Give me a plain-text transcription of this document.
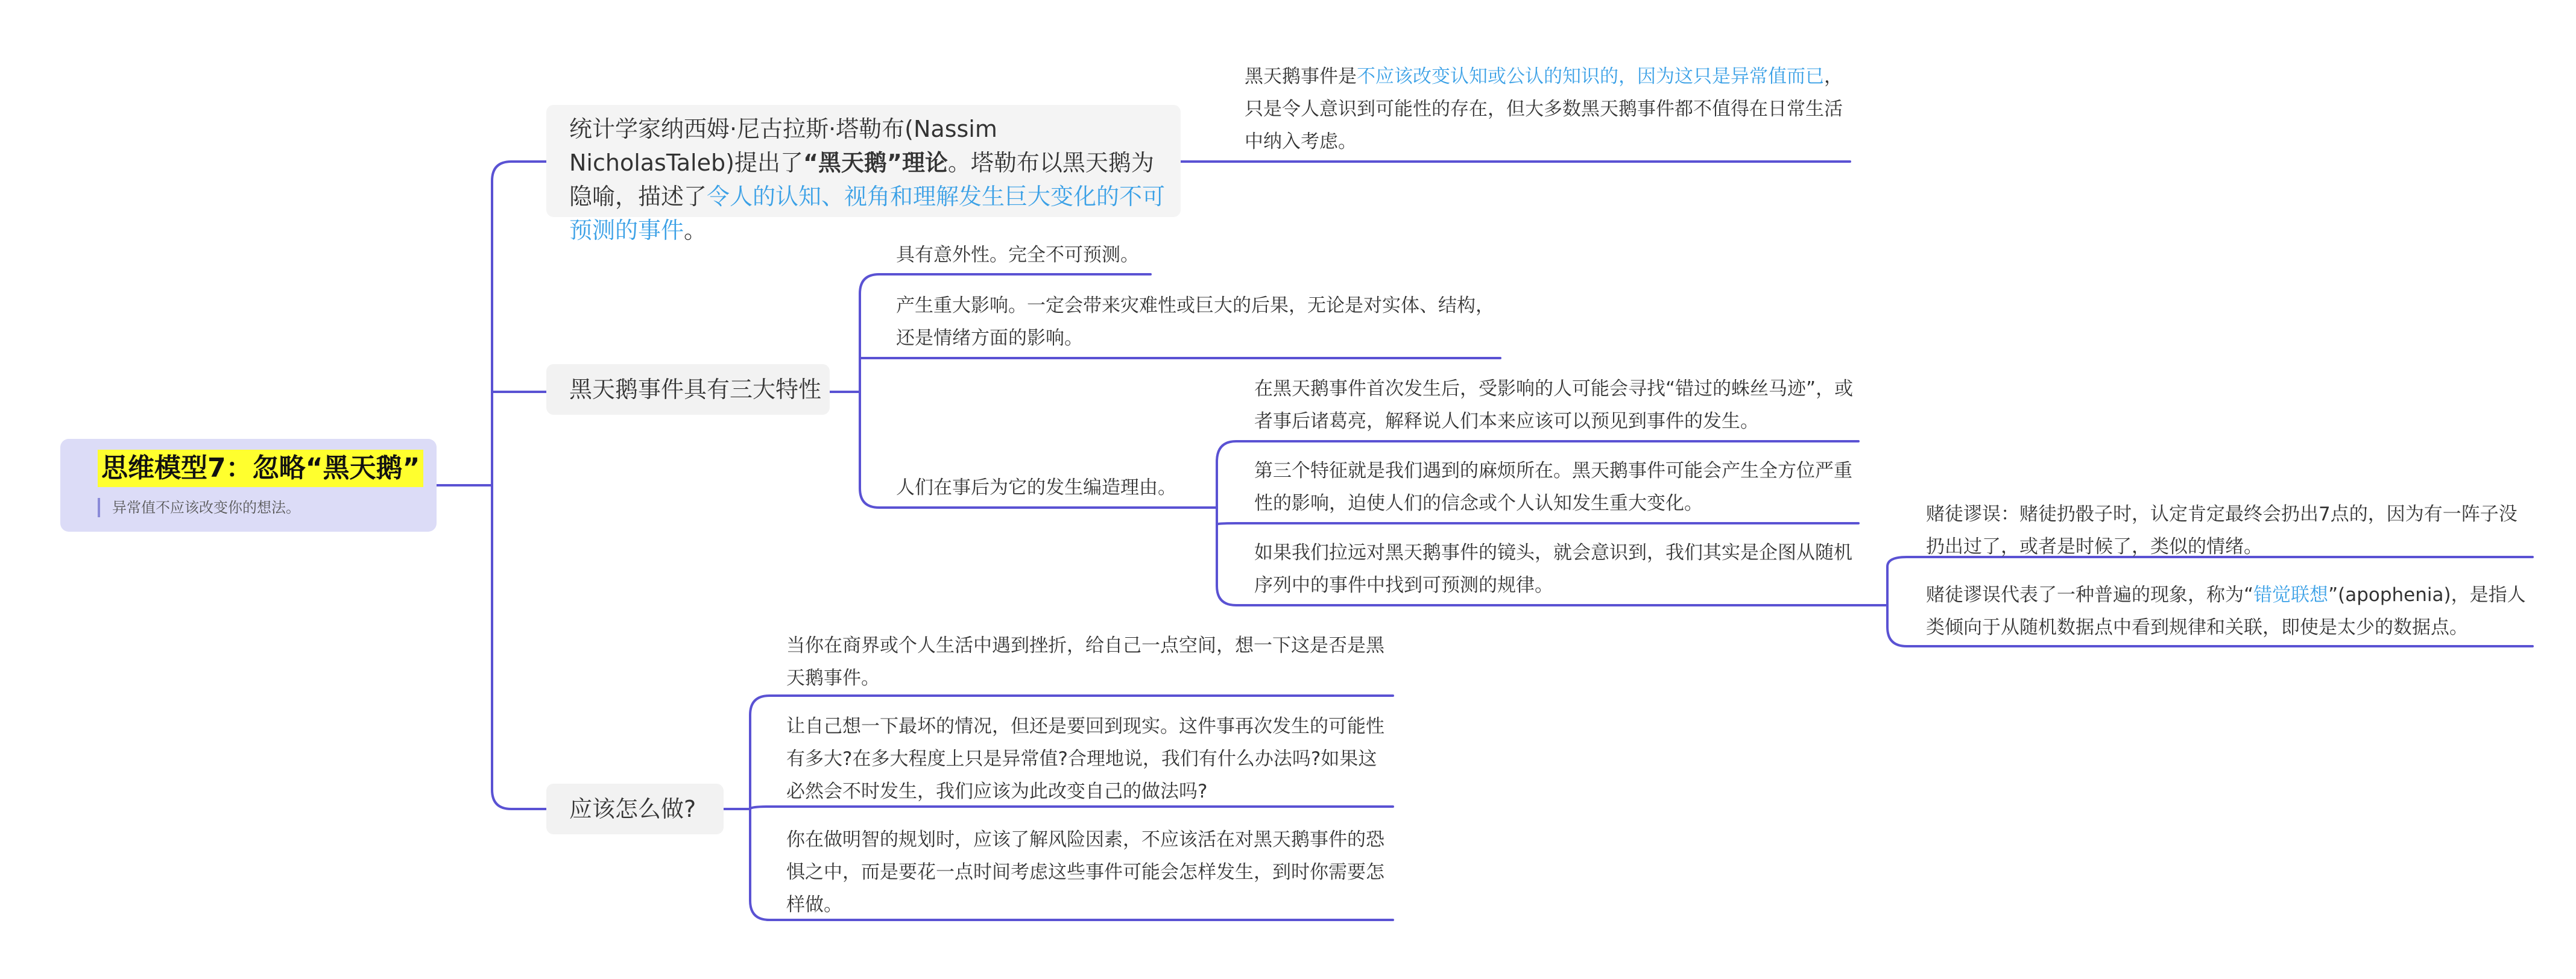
思维模型7：忽略“黑天鹅”
异常值不应该改变你的想法。
统计学家纳西姆·尼古拉斯·塔勒布(Nassim NicholasTaleb)提出了“黑天鹅”理论。塔勒布以黑天鹅为隐喻，描述了令人的认知、视角和理解发生巨大变化的不可预测的事件。
黑天鹅事件是不应该改变认知或公认的知识的，因为这只是异常值而已，只是令人意识到可能性的存在，但大多数黑天鹅事件都不值得在日常生活中纳入考虑。
黑天鹅事件具有三大特性
具有意外性。完全不可预测。
产生重大影响。一定会带来灾难性或巨大的后果，无论是对实体、结构，还是情绪方面的影响。
人们在事后为它的发生编造理由。
在黑天鹅事件首次发生后，受影响的人可能会寻找“错过的蛛丝马迹”，或者事后诸葛亮，解释说人们本来应该可以预见到事件的发生。
第三个特征就是我们遇到的麻烦所在。黑天鹅事件可能会产生全方位严重性的影响，迫使人们的信念或个人认知发生重大变化。
如果我们拉远对黑天鹅事件的镜头，就会意识到，我们其实是企图从随机序列中的事件中找到可预测的规律。
赌徒谬误：赌徒扔骰子时，认定肯定最终会扔出7点的，因为有一阵子没扔出过了，或者是时候了，类似的情绪。
赌徒谬误代表了一种普遍的现象，称为“错觉联想”(apophenia)，是指人类倾向于从随机数据点中看到规律和关联，即使是太少的数据点。
应该怎么做?
当你在商界或个人生活中遇到挫折，给自己一点空间，想一下这是否是黑天鹅事件。
让自己想一下最坏的情况，但还是要回到现实。这件事再次发生的可能性有多大?在多大程度上只是异常值?合理地说，我们有什么办法吗?如果这必然会不时发生，我们应该为此改变自己的做法吗?
你在做明智的规划时，应该了解风险因素，不应该活在对黑天鹅事件的恐惧之中，而是要花一点时间考虑这些事件可能会怎样发生，到时你需要怎样做。
